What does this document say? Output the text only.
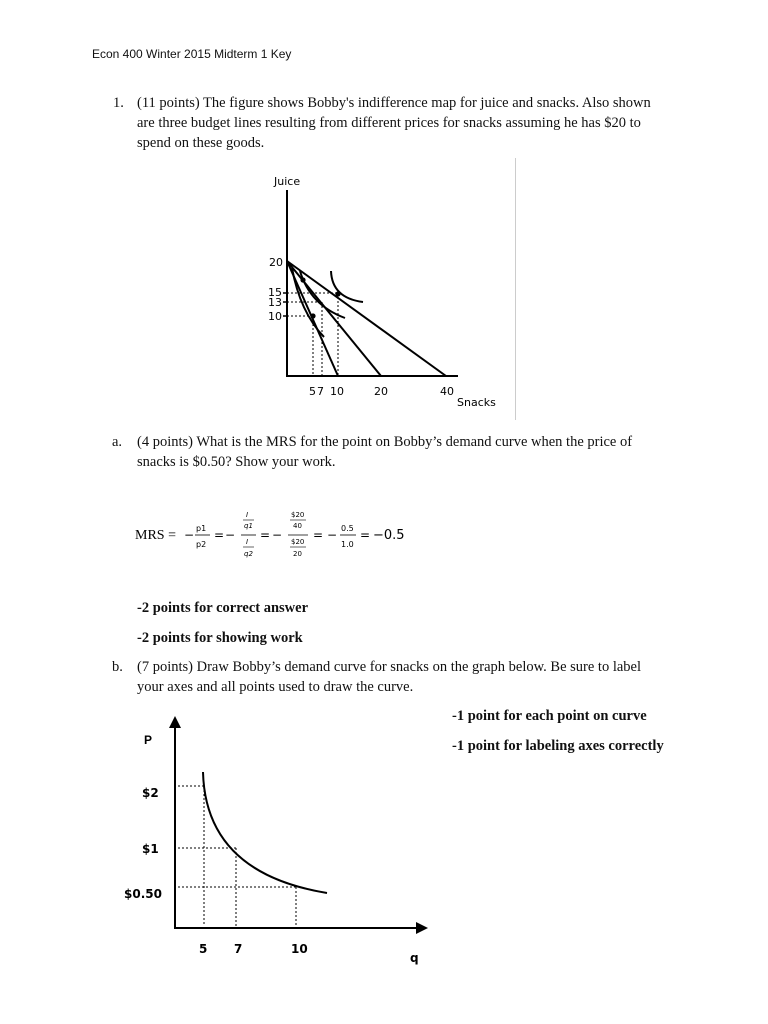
Econ 400 Winter 2015 Midterm 1 Key
1. (11 points) The figure shows Bobby's indifference map for juice and snacks. Also shown
are three budget lines resulting from different prices for snacks assuming he has $20 to
spend on these goods.
Juice
Snacks
20
15
13
10
5 7 10	20	40
a. (4 points) What is the MRS for the point on Bobby’s demand curve when the price of
snacks is $0.50? Show your work.
MRS = − p1
p2
= −
I
q1
I
q2
= −
$20
40
$20
20
= − 0.5
1.0
= −0.5
-2 points for correct answer
-2 points for showing work
b. (7 points) Draw Bobby’s demand curve for snacks on the graph below. Be sure to label
your axes and all points used to draw the curve.
-1 point for each point on curve
-1 point for labeling axes correctly
P
q
$2
$1
$0.50
5 7	10
